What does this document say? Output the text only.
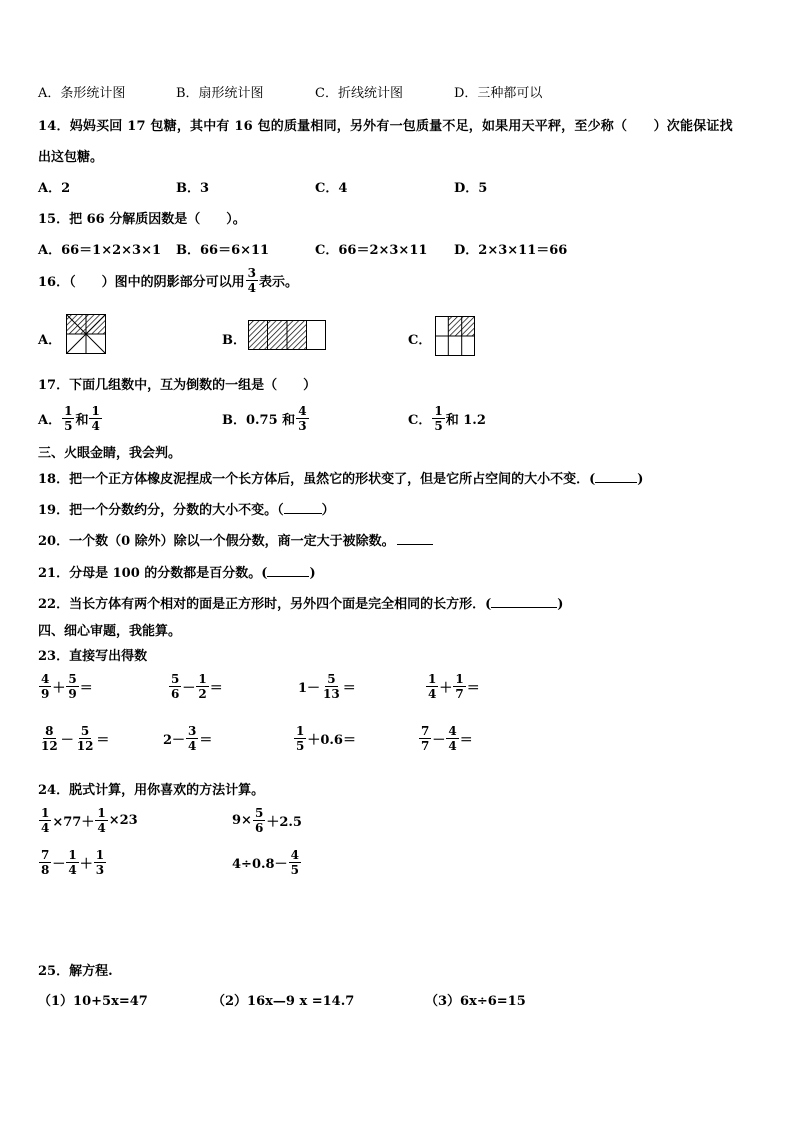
A．条形统计图	B．扇形统计图	C．折线统计图	D．三种都可以
14．妈妈买回 17 包糖，其中有 16 包的质量相同，另外有一包质量不足，如果用天平秤，至少称（　　）次能保证找
出这包糖。
A．2	B．3	C．4	D．5
15．把 66 分解质因数是（　　）。
A．66＝1×2×3×1 B．66＝6×11	C．66＝2×3×11 D．2×3×11＝66
16．（　　）图中的阴影部分可以用 $\frac{3}{4}$ 表示。
A．	B．	C．
17．下面几组数中，互为倒数的一组是（　　）
A． $\frac{1}{5}$ 和 $\frac{1}{4}$	B．0.75 和 $\frac{4}{3}$	C． $\frac{1}{5}$ 和 1.2
三、火眼金睛，我会判。
18．把一个正方体橡皮泥捏成一个长方体后，虽然它的形状变了，但是它所占空间的大小不变．(	)
19．把一个分数约分，分数的大小不变。（	）
20．一个数（0 除外）除以一个假分数，商一定大于被除数。
21．分母是 100 的分数都是百分数。(	)
22．当长方体有两个相对的面是正方形时，另外四个面是完全相同的长方形．(	)
四、细心审题，我能算。
23．直接写出得数
$\frac{4}{9} + \frac{5}{9}$ ＝	$\frac{5}{6} - \frac{1}{2}$ ＝	$1- \frac{5}{13}$ ＝	$\frac{1}{4} + \frac{1}{7}$ ＝
$\frac{8}{12} - \frac{5}{12}$ ＝	$2- \frac{3}{4}$ ＝	$\frac{1}{5} +0.6=$	$\frac{7}{7} - \frac{4}{4}$ ＝
24．脱式计算，用你喜欢的方法计算。
$\frac{1}{4} \times 77+ \frac{1}{4} \times 23$	$9\times \frac{5}{6} +2.5$
$\frac{7}{8} - \frac{1}{4} + \frac{1}{3}$	$4\div 0.8- \frac{4}{5}$
25．解方程.
（1）10+5x=47	（2）16x—9 x =14.7	（3）6x÷6=15
